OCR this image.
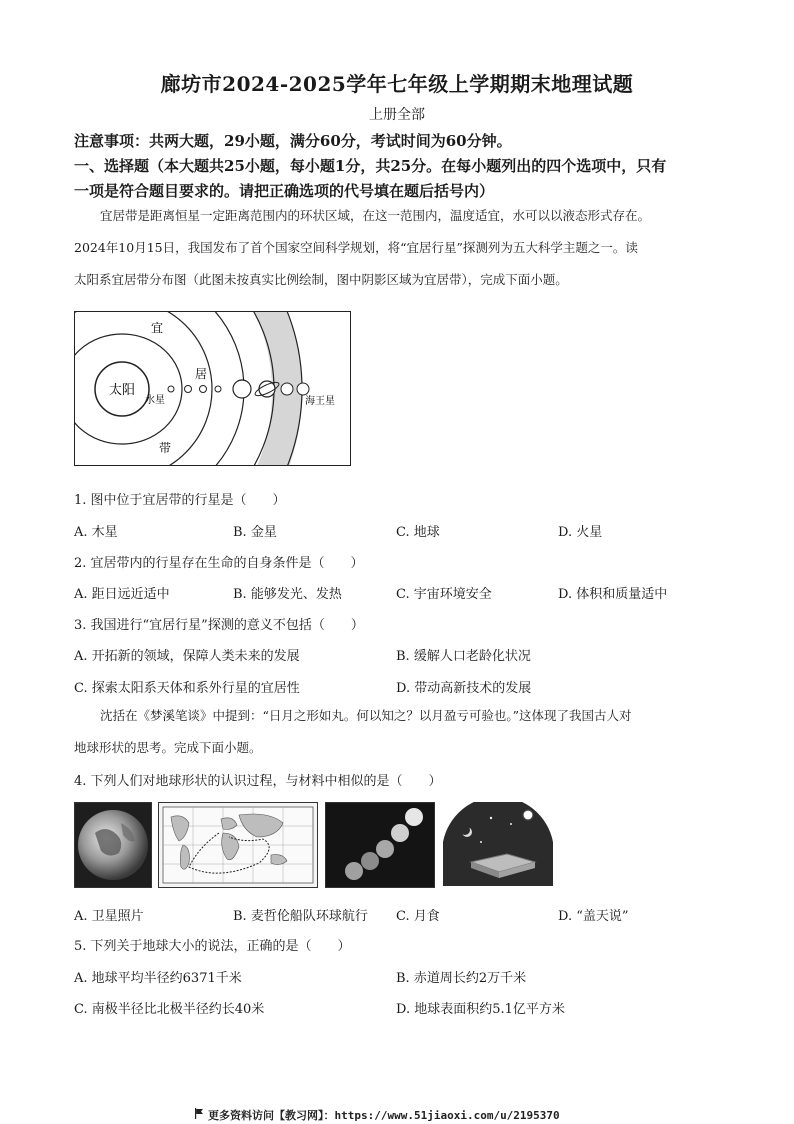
廊坊市2024-2025学年七年级上学期期末地理试题
上册全部
注意事项：共两大题，29小题，满分60分，考试时间为60分钟。
一、选择题（本大题共25小题，每小题1分，共25分。在每小题列出的四个选项中，只有
一项是符合题目要求的。请把正确选项的代号填在题后括号内）
宜居带是距离恒星一定距离范围内的环状区域，在这一范围内，温度适宜，水可以以液态形式存在。
2024年10月15日，我国发布了首个国家空间科学规划，将“宜居行星”探测列为五大科学主题之一。读
太阳系宜居带分布图（此图未按真实比例绘制，图中阴影区域为宜居带），完成下面小题。
太阳
水星	海王星
宜
居
带
1. 图中位于宜居带的行星是（　　）
A. 木星	B. 金星	C. 地球	D. 火星
2. 宜居带内的行星存在生命的自身条件是（　　）
A. 距日远近适中	B. 能够发光、发热	C. 宇宙环境安全	D. 体积和质量适中
3. 我国进行“宜居行星”探测的意义不包括（　　）
A. 开拓新的领域，保障人类未来的发展	B. 缓解人口老龄化状况
C. 探索太阳系天体和系外行星的宜居性	D. 带动高新技术的发展
沈括在《梦溪笔谈》中提到：“日月之形如丸。何以知之？以月盈亏可验也。”这体现了我国古人对
地球形状的思考。完成下面小题。
4. 下列人们对地球形状的认识过程，与材料中相似的是（　　）
A. 卫星照片	B. 麦哲伦船队环球航行 C. 月食	D. “盖天说”
5. 下列关于地球大小的说法，正确的是（　　）
A. 地球平均半径约6371千米	B. 赤道周长约2万千米
C. 南极半径比北极半径约长40米	D. 地球表面积约5.1亿平方米
更多资料访问【教习网】：https://www.51jiaoxi.com/u/2195370
